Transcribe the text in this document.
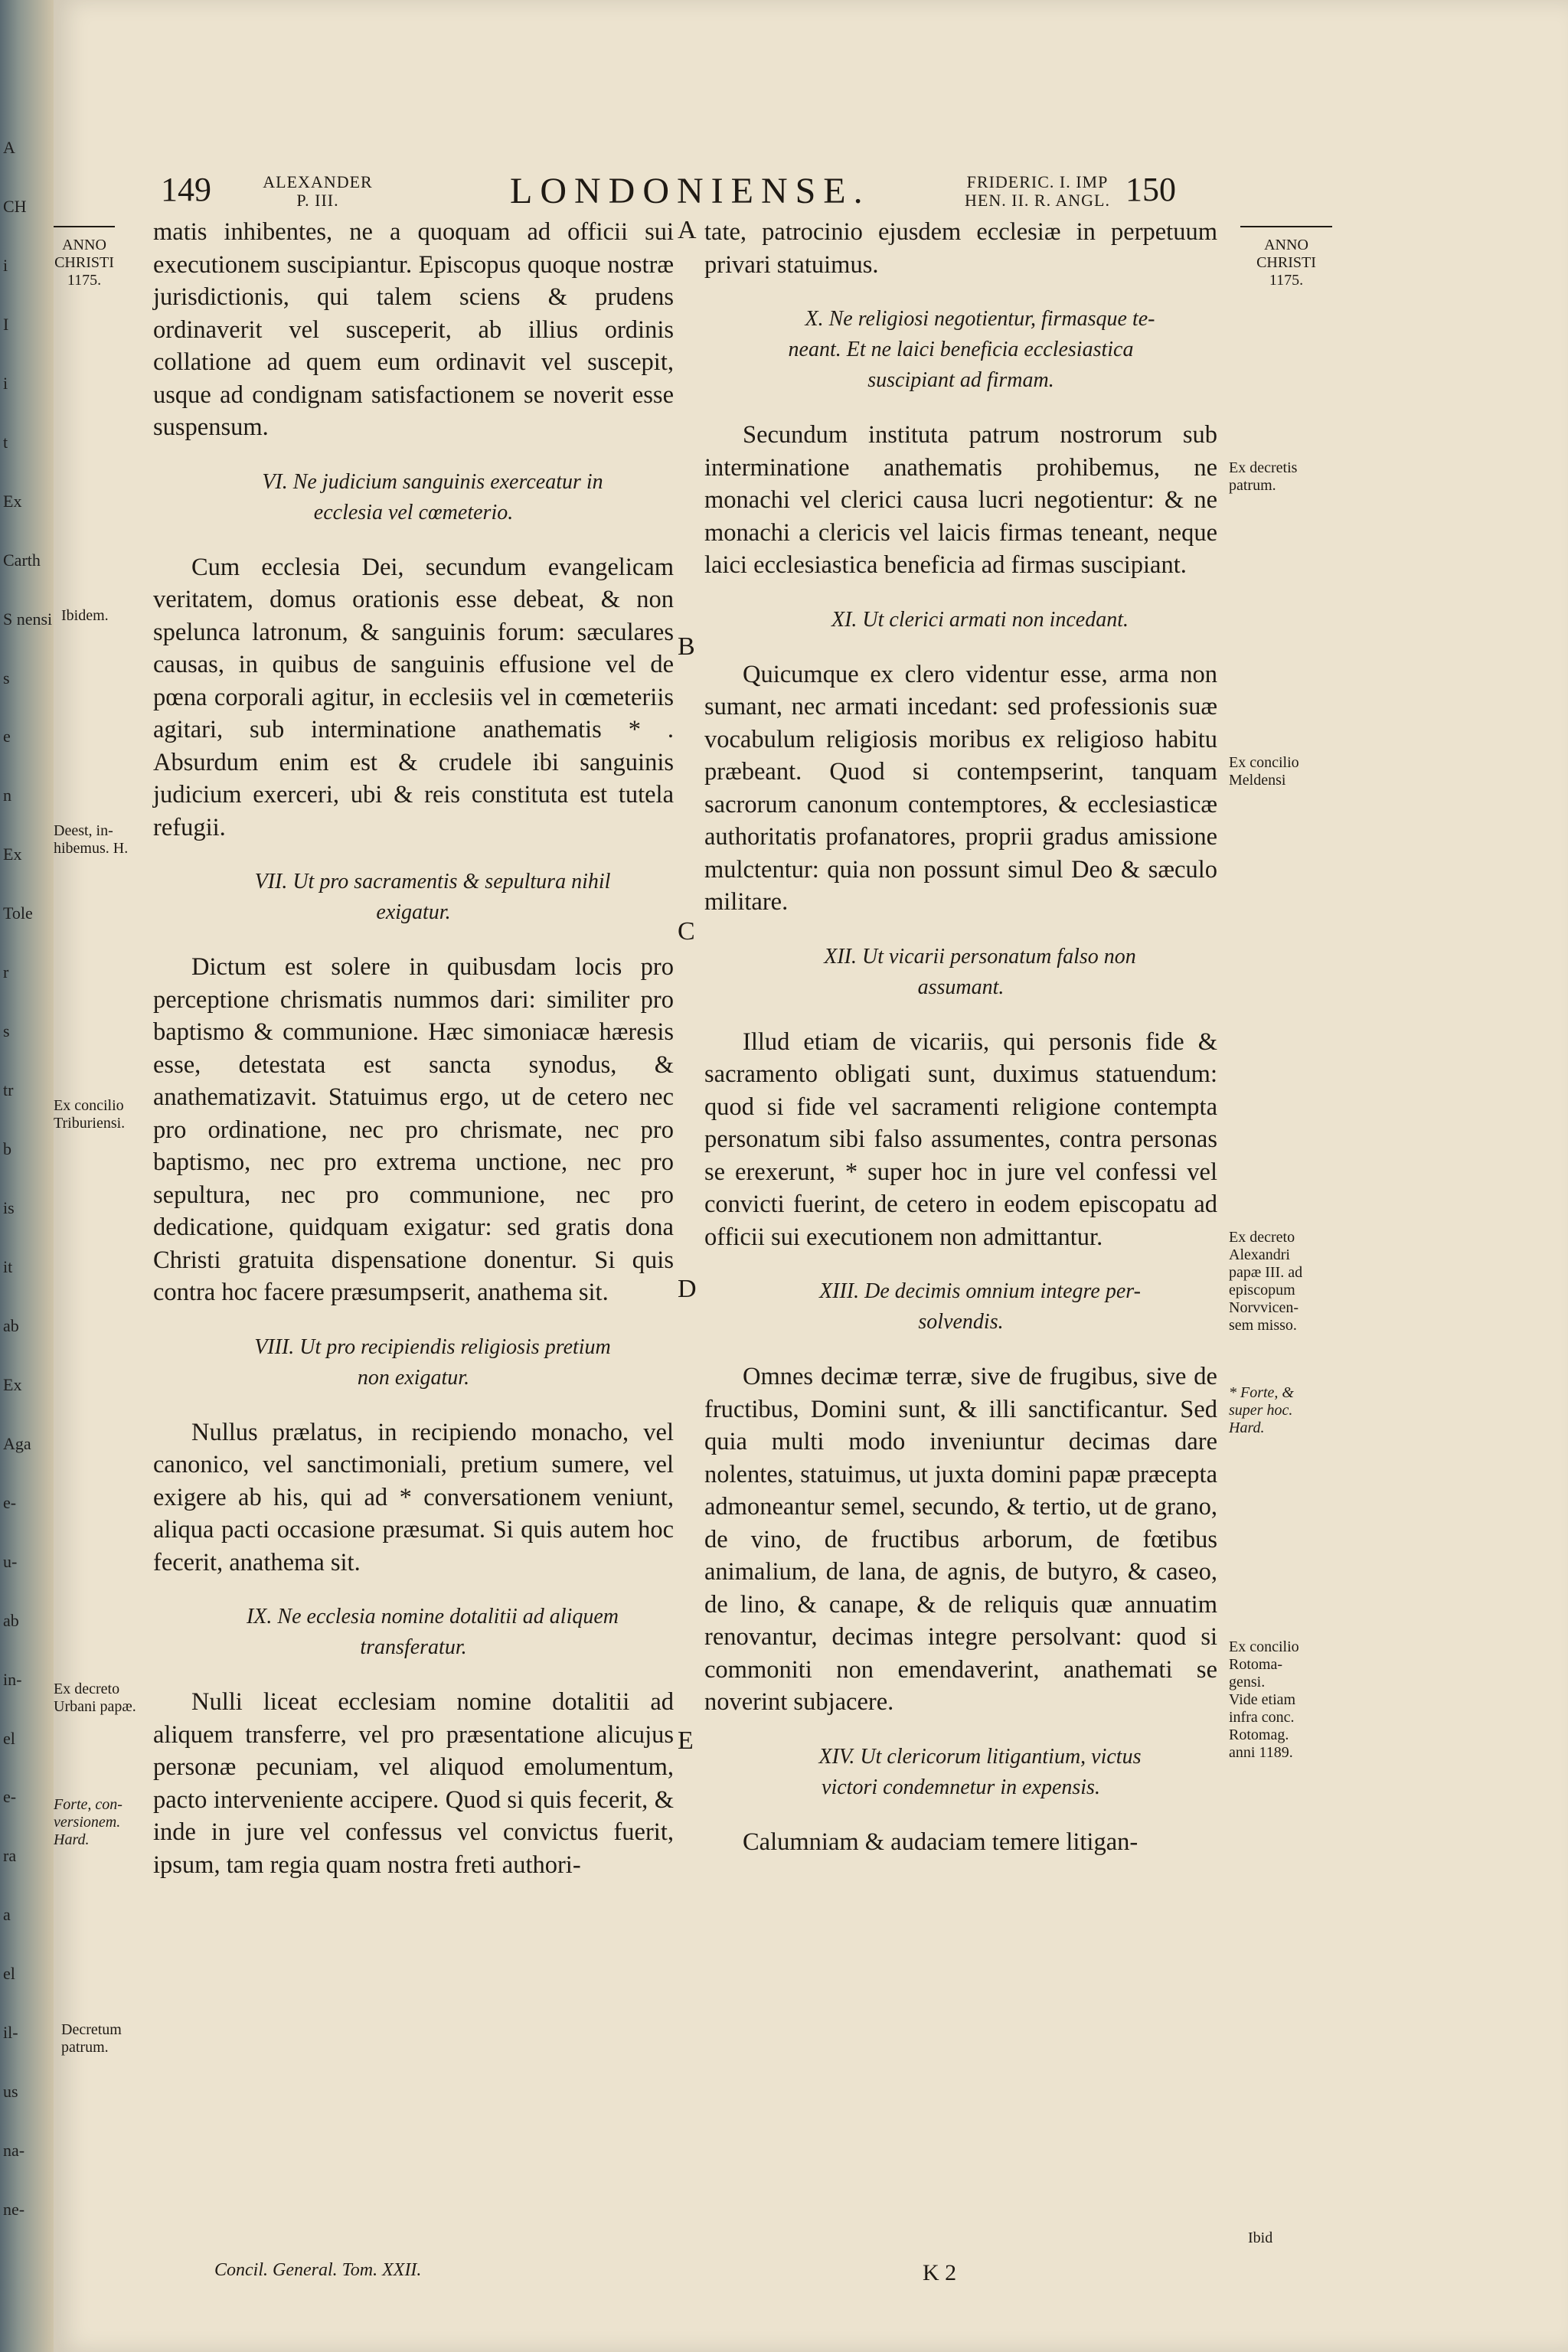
A
CH
i
I
i
t
Ex
Carth
S nensi
s
e
n
Ex
Tole
r
s
tr
b
is
it
ab
Ex
Aga
e-
u-
ab
in-
el
e-
ra
a
el
il-
us
na-
ne-
149	ALEXANDER
P. III.	LONDONIENSE.	FRIDERIC. I. IMP
HEN. II. R. ANGL. 150
ANNO
CHRISTI
1175.
Ibidem.
Deest, in-
hibemus. H.
Ex concilio
Triburiensi.
Ex decreto
Urbani papæ.
Forte, con-
versionem.
Hard.
Decretum
patrum.
ANNO
CHRISTI
1175.
Ex decretis
patrum.
Ex concilio
Meldensi
Ex decreto
Alexandri
papæ III. ad
episcopum
Norvvicen-
sem misso.
* Forte, &
super hoc.
Hard.
Ex concilio
Rotoma-
gensi.
Vide etiam
infra conc.
Rotomag.
anni 1189.
Ibid
A
B
C
D
E

matis inhibentes, ne a quoquam ad officii sui executionem suscipiantur. Episcopus quoque nostræ jurisdictionis, qui talem sciens & prudens ordinaverit vel susceperit, ab illius ordinis collatione ad quem eum ordinavit vel suscepit, usque ad condignam satisfactionem se noverit esse suspensum.

VI. Ne judicium sanguinis exerceatur in
ecclesia vel cœmeterio.

Cum ecclesia Dei, secundum evangelicam veritatem, domus orationis esse debeat, & non spelunca latronum, & sanguinis forum: sæculares causas, in quibus de sanguinis effusione vel de pœna corporali agitur, in ecclesiis vel in cœmeteriis agitari, sub interminatione anathematis * . Absurdum enim est & crudele ibi sanguinis judicium exerceri, ubi & reis constituta est tutela refugii.

VII. Ut pro sacramentis & sepultura nihil
exigatur.

Dictum est solere in quibusdam locis pro perceptione chrismatis nummos dari: similiter pro baptismo & communione. Hæc simoniacæ hæresis esse, detestata est sancta synodus, & anathematizavit. Statuimus ergo, ut de cetero nec pro ordinatione, nec pro chrismate, nec pro baptismo, nec pro extrema unctione, nec pro sepultura, nec pro communione, nec pro dedicatione, quidquam exigatur: sed gratis dona Christi gratuita dispensatione donentur. Si quis contra hoc facere præsumpserit, anathema sit.

VIII. Ut pro recipiendis religiosis pretium
non exigatur.

Nullus prælatus, in recipiendo monacho, vel canonico, vel sanctimoniali, pretium sumere, vel exigere ab his, qui ad * conversationem veniunt, aliqua pacti occasione præsumat. Si quis autem hoc fecerit, anathema sit.

IX. Ne ecclesia nomine dotalitii ad aliquem
transferatur.

Nulli liceat ecclesiam nomine dotalitii ad aliquem transferre, vel pro præsentatione alicujus personæ pecuniam, vel aliquod emolumentum, pacto interveniente accipere. Quod si quis fecerit, & inde in jure vel confessus vel convictus fuerit, ipsum, tam regia quam nostra freti authori-

tate, patrocinio ejusdem ecclesiæ in perpetuum privari statuimus.

X. Ne religiosi negotientur, firmasque te-
neant. Et ne laici beneficia ecclesiastica
suscipiant ad firmam.

Secundum instituta patrum nostrorum sub interminatione anathematis prohibemus, ne monachi vel clerici causa lucri negotientur: & ne monachi a clericis vel laicis firmas teneant, neque laici ecclesiastica beneficia ad firmas suscipiant.

XI. Ut clerici armati non incedant.

Quicumque ex clero videntur esse, arma non sumant, nec armati incedant: sed professionis suæ vocabulum religiosis moribus ex religioso habitu præbeant. Quod si contempserint, tanquam sacrorum canonum contemptores, & ecclesiasticæ authoritatis profanatores, proprii gradus amissione mulctentur: quia non possunt simul Deo & sæculo militare.

XII. Ut vicarii personatum falso non
assumant.

Illud etiam de vicariis, qui personis fide & sacramento obligati sunt, duximus statuendum: quod si fide vel sacramenti religione contempta personatum sibi falso assumentes, contra personas se erexerunt, * super hoc in jure vel confessi vel convicti fuerint, de cetero in eodem episcopatu ad officii sui executionem non admittantur.

XIII. De decimis omnium integre per-
solvendis.

Omnes decimæ terræ, sive de frugibus, sive de fructibus, Domini sunt, & illi sanctificantur. Sed quia multi modo inveniuntur decimas dare nolentes, statuimus, ut juxta domini papæ præcepta admoneantur semel, secundo, & tertio, ut de grano, de vino, de fructibus arborum, de fœtibus animalium, de lana, de agnis, de butyro, & caseo, de lino, & canape, & de reliquis quæ annuatim renovantur, decimas integre persolvant: quod si commoniti non emendaverint, anathemati se noverint subjacere.

XIV. Ut clericorum litigantium, victus
victori condemnetur in expensis.

Calumniam & audaciam temere litigan-

Concil. General. Tom. XXII.	K 2
